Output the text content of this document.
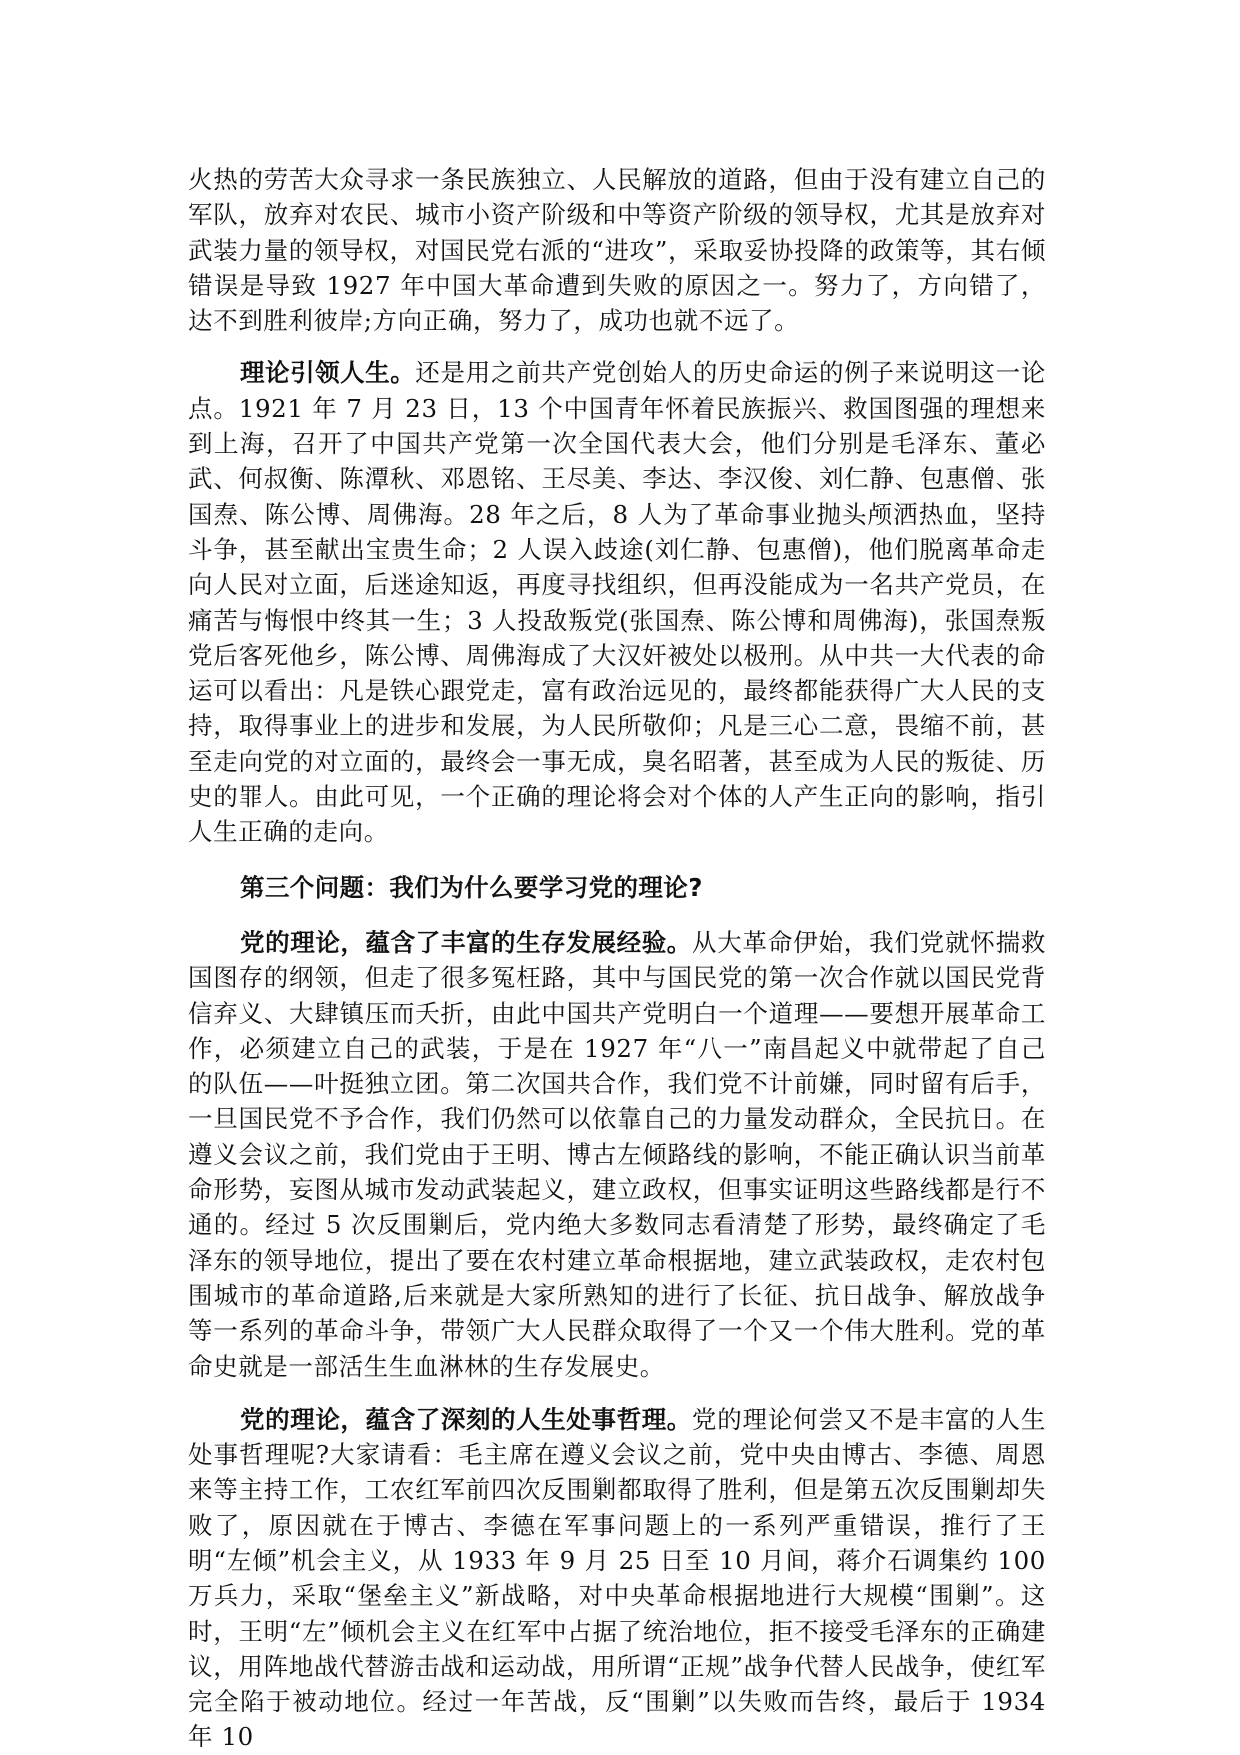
火热的劳苦大众寻求一条民族独立、人民解放的道路，但由于没有建立自己的军队，放弃对农民、城市小资产阶级和中等资产阶级的领导权，尤其是放弃对武装力量的领导权，对国民党右派的“进攻”，采取妥协投降的政策等，其右倾错误是导致 1927 年中国大革命遭到失败的原因之一。努力了，方向错了，达不到胜利彼岸;方向正确，努力了，成功也就不远了。

理论引领人生。还是用之前共产党创始人的历史命运的例子来说明这一论点。1921 年 7 月 23 日，13 个中国青年怀着民族振兴、救国图强的理想来到上海，召开了中国共产党第一次全国代表大会，他们分别是毛泽东、董必武、何叔衡、陈潭秋、邓恩铭、王尽美、李达、李汉俊、刘仁静、包惠僧、张国焘、陈公博、周佛海。28 年之后，8 人为了革命事业抛头颅洒热血，坚持斗争，甚至献出宝贵生命；2 人误入歧途(刘仁静、包惠僧)，他们脱离革命走向人民对立面，后迷途知返，再度寻找组织，但再没能成为一名共产党员，在痛苦与悔恨中终其一生；3 人投敌叛党(张国焘、陈公博和周佛海)，张国焘叛党后客死他乡，陈公博、周佛海成了大汉奸被处以极刑。从中共一大代表的命运可以看出：凡是铁心跟党走，富有政治远见的，最终都能获得广大人民的支持，取得事业上的进步和发展，为人民所敬仰；凡是三心二意，畏缩不前，甚至走向党的对立面的，最终会一事无成，臭名昭著，甚至成为人民的叛徒、历史的罪人。由此可见，一个正确的理论将会对个体的人产生正向的影响，指引人生正确的走向。

第三个问题：我们为什么要学习党的理论?

党的理论，蕴含了丰富的生存发展经验。从大革命伊始，我们党就怀揣救国图存的纲领，但走了很多冤枉路，其中与国民党的第一次合作就以国民党背信弃义、大肆镇压而夭折，由此中国共产党明白一个道理——要想开展革命工作，必须建立自己的武装，于是在 1927 年“八一”南昌起义中就带起了自己的队伍——叶挺独立团。第二次国共合作，我们党不计前嫌，同时留有后手，一旦国民党不予合作，我们仍然可以依靠自己的力量发动群众，全民抗日。在遵义会议之前，我们党由于王明、博古左倾路线的影响，不能正确认识当前革命形势，妄图从城市发动武装起义，建立政权，但事实证明这些路线都是行不通的。经过 5 次反围剿后，党内绝大多数同志看清楚了形势，最终确定了毛泽东的领导地位，提出了要在农村建立革命根据地，建立武装政权，走农村包围城市的革命道路,后来就是大家所熟知的进行了长征、抗日战争、解放战争等一系列的革命斗争，带领广大人民群众取得了一个又一个伟大胜利。党的革命史就是一部活生生血淋林的生存发展史。

党的理论，蕴含了深刻的人生处事哲理。党的理论何尝又不是丰富的人生处事哲理呢?大家请看：毛主席在遵义会议之前，党中央由博古、李德、周恩来等主持工作，工农红军前四次反围剿都取得了胜利，但是第五次反围剿却失败了，原因就在于博古、李德在军事问题上的一系列严重错误，推行了王明“左倾”机会主义，从 1933 年 9 月 25 日至 10 月间，蒋介石调集约 100 万兵力，采取“堡垒主义”新战略，对中央革命根据地进行大规模“围剿”。这时，王明“左”倾机会主义在红军中占据了统治地位，拒不接受毛泽东的正确建议，用阵地战代替游击战和运动战，用所谓“正规”战争代替人民战争，使红军完全陷于被动地位。经过一年苦战，反“围剿”以失败而告终，最后于 1934 年 10
